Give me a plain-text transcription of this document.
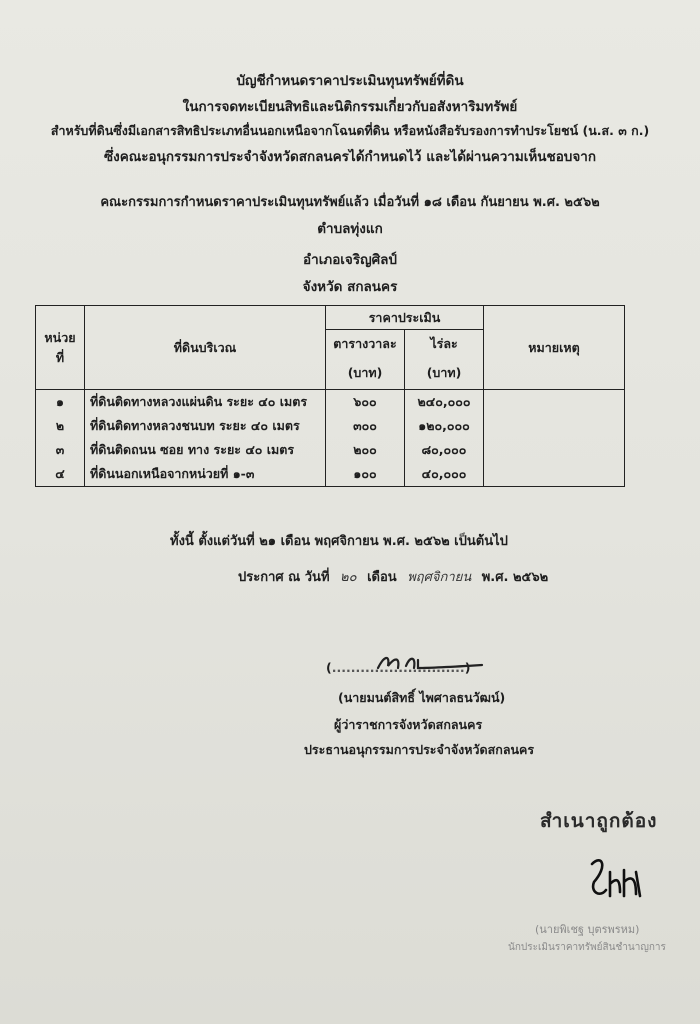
บัญชีกำหนดราคาประเมินทุนทรัพย์ที่ดิน
ในการจดทะเบียนสิทธิและนิติกรรมเกี่ยวกับอสังหาริมทรัพย์
สำหรับที่ดินซึ่งมีเอกสารสิทธิประเภทอื่นนอกเหนือจากโฉนดที่ดิน หรือหนังสือรับรองการทำประโยชน์ (น.ส. ๓ ก.)
ซึ่งคณะอนุกรรมการประจำจังหวัดสกลนครได้กำหนดไว้ และได้ผ่านความเห็นชอบจาก
คณะกรรมการกำหนดราคาประเมินทุนทรัพย์แล้ว เมื่อวันที่ ๑๘ เดือน กันยายน พ.ศ. ๒๕๖๒
ตำบลทุ่งแก
อำเภอเจริญศิลป์
จังหวัด สกลนคร
หน่วย
ที่	ที่ดินบริเวณ	ราคาประเมิน		หมายเหตุ
		ตารางวาละ	ไร่ละ	
		(บาท)	(บาท)	
๑	ที่ดินติดทางหลวงแผ่นดิน ระยะ ๔๐ เมตร	๖๐๐	๒๔๐,๐๐๐	
๒	ที่ดินติดทางหลวงชนบท ระยะ ๔๐ เมตร	๓๐๐	๑๒๐,๐๐๐	
๓	ที่ดินติดถนน ซอย ทาง ระยะ ๔๐ เมตร	๒๐๐	๘๐,๐๐๐	
๔	ที่ดินนอกเหนือจากหน่วยที่ ๑-๓	๑๐๐	๔๐,๐๐๐	
ทั้งนี้ ตั้งแต่วันที่ ๒๑ เดือน พฤศจิกายน พ.ศ. ๒๕๖๒ เป็นต้นไป
ประกาศ ณ วันที่ ๒๐ เดือน พฤศจิกายน พ.ศ. ๒๕๖๒
(............................)
(นายมนต์สิทธิ์ ไพศาลธนวัฒน์)
ผู้ว่าราชการจังหวัดสกลนคร
ประธานอนุกรรมการประจำจังหวัดสกลนคร
สำเนาถูกต้อง
(นายพิเชฐ บุตรพรหม)
นักประเมินราคาทรัพย์สินชำนาญการ
